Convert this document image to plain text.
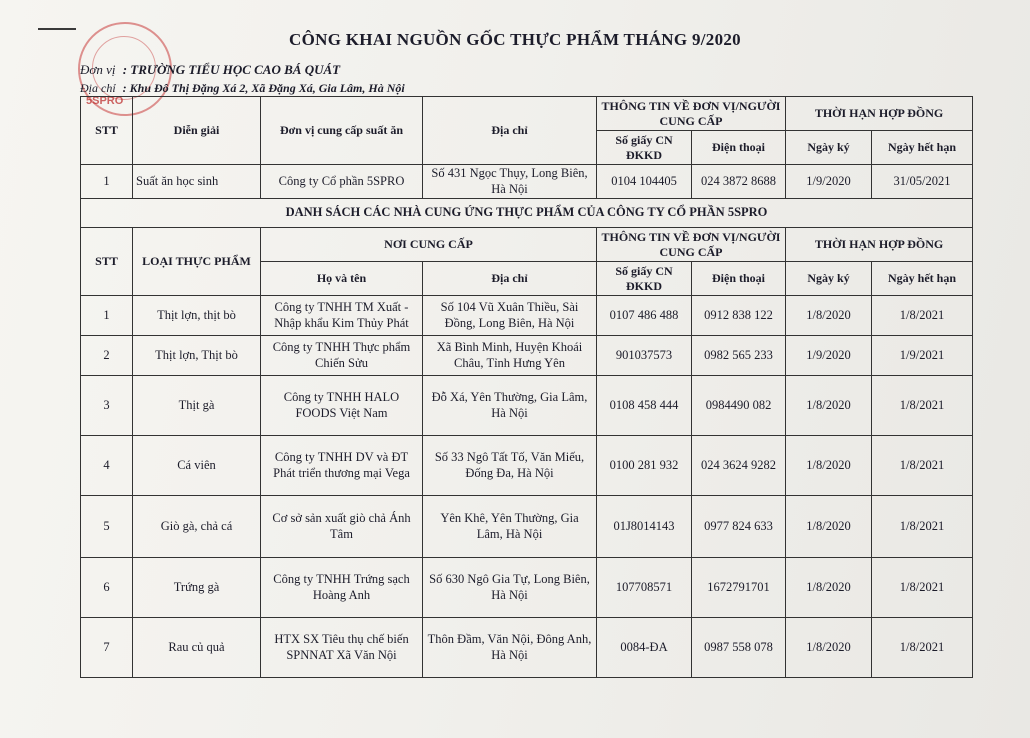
5SPRO
CÔNG KHAI NGUỒN GỐC THỰC PHẨM THÁNG 9/2020
Đơn vị : TRƯỜNG TIỂU HỌC CAO BÁ QUÁT
Địa chỉ : Khu Đô Thị Đặng Xá 2, Xã Đặng Xá, Gia Lâm, Hà Nội
STT	Diễn giải	Đơn vị cung cấp suất ăn	Địa chỉ	THÔNG TIN VỀ ĐƠN VỊ/NGƯỜI CUNG CẤP		THỜI HẠN HỢP ĐỒNG	
				Số giấy CN ĐKKD	Điện thoại	Ngày ký	Ngày hết hạn
1	Suất ăn học sinh	Công ty Cổ phần 5SPRO	Số 431 Ngọc Thụy, Long Biên, Hà Nội	0104 104405	024 3872 8688	1/9/2020	31/05/2021
DANH SÁCH CÁC NHÀ CUNG ỨNG THỰC PHẨM CỦA CÔNG TY CỔ PHẦN 5SPRO							
STT	LOẠI THỰC PHẨM	NƠI CUNG CẤP		THÔNG TIN VỀ ĐƠN VỊ/NGƯỜI CUNG CẤP		THỜI HẠN HỢP ĐỒNG	
		Họ và tên	Địa chỉ	Số giấy CN ĐKKD	Điện thoại	Ngày ký	Ngày hết hạn
1	Thịt lợn, thịt bò	Công ty TNHH TM Xuất - Nhập khẩu Kim Thủy Phát	Số 104 Vũ Xuân Thiều, Sài Đồng, Long Biên, Hà Nội	0107 486 488	0912 838 122	1/8/2020	1/8/2021
2	Thịt lợn, Thịt bò	Công ty TNHH Thực phẩm Chiến Sửu	Xã Bình Minh, Huyện Khoái Châu, Tỉnh Hưng Yên	901037573	0982 565 233	1/9/2020	1/9/2021
3	Thịt gà	Công ty TNHH HALO FOODS Việt Nam	Đỗ Xá, Yên Thường, Gia Lâm, Hà Nội	0108 458 444	0984490 082	1/8/2020	1/8/2021
4	Cá viên	Công ty TNHH DV và ĐT Phát triển thương mại Vega	Số 33 Ngô Tất Tố, Văn Miếu, Đống Đa, Hà Nội	0100 281 932	024 3624 9282	1/8/2020	1/8/2021
5	Giò gà, chả cá	Cơ sở sản xuất giò chả Ánh Tâm	Yên Khê, Yên Thường, Gia Lâm, Hà Nội	01J8014143	0977 824 633	1/8/2020	1/8/2021
6	Trứng gà	Công ty TNHH Trứng sạch Hoàng Anh	Số 630 Ngô Gia Tự, Long Biên, Hà Nội	107708571	1672791701	1/8/2020	1/8/2021
7	Rau củ quả	HTX SX Tiêu thụ chế biến SPNNAT Xã Văn Nội	Thôn Đầm, Văn Nội, Đông Anh, Hà Nội	0084-ĐA	0987 558 078	1/8/2020	1/8/2021
